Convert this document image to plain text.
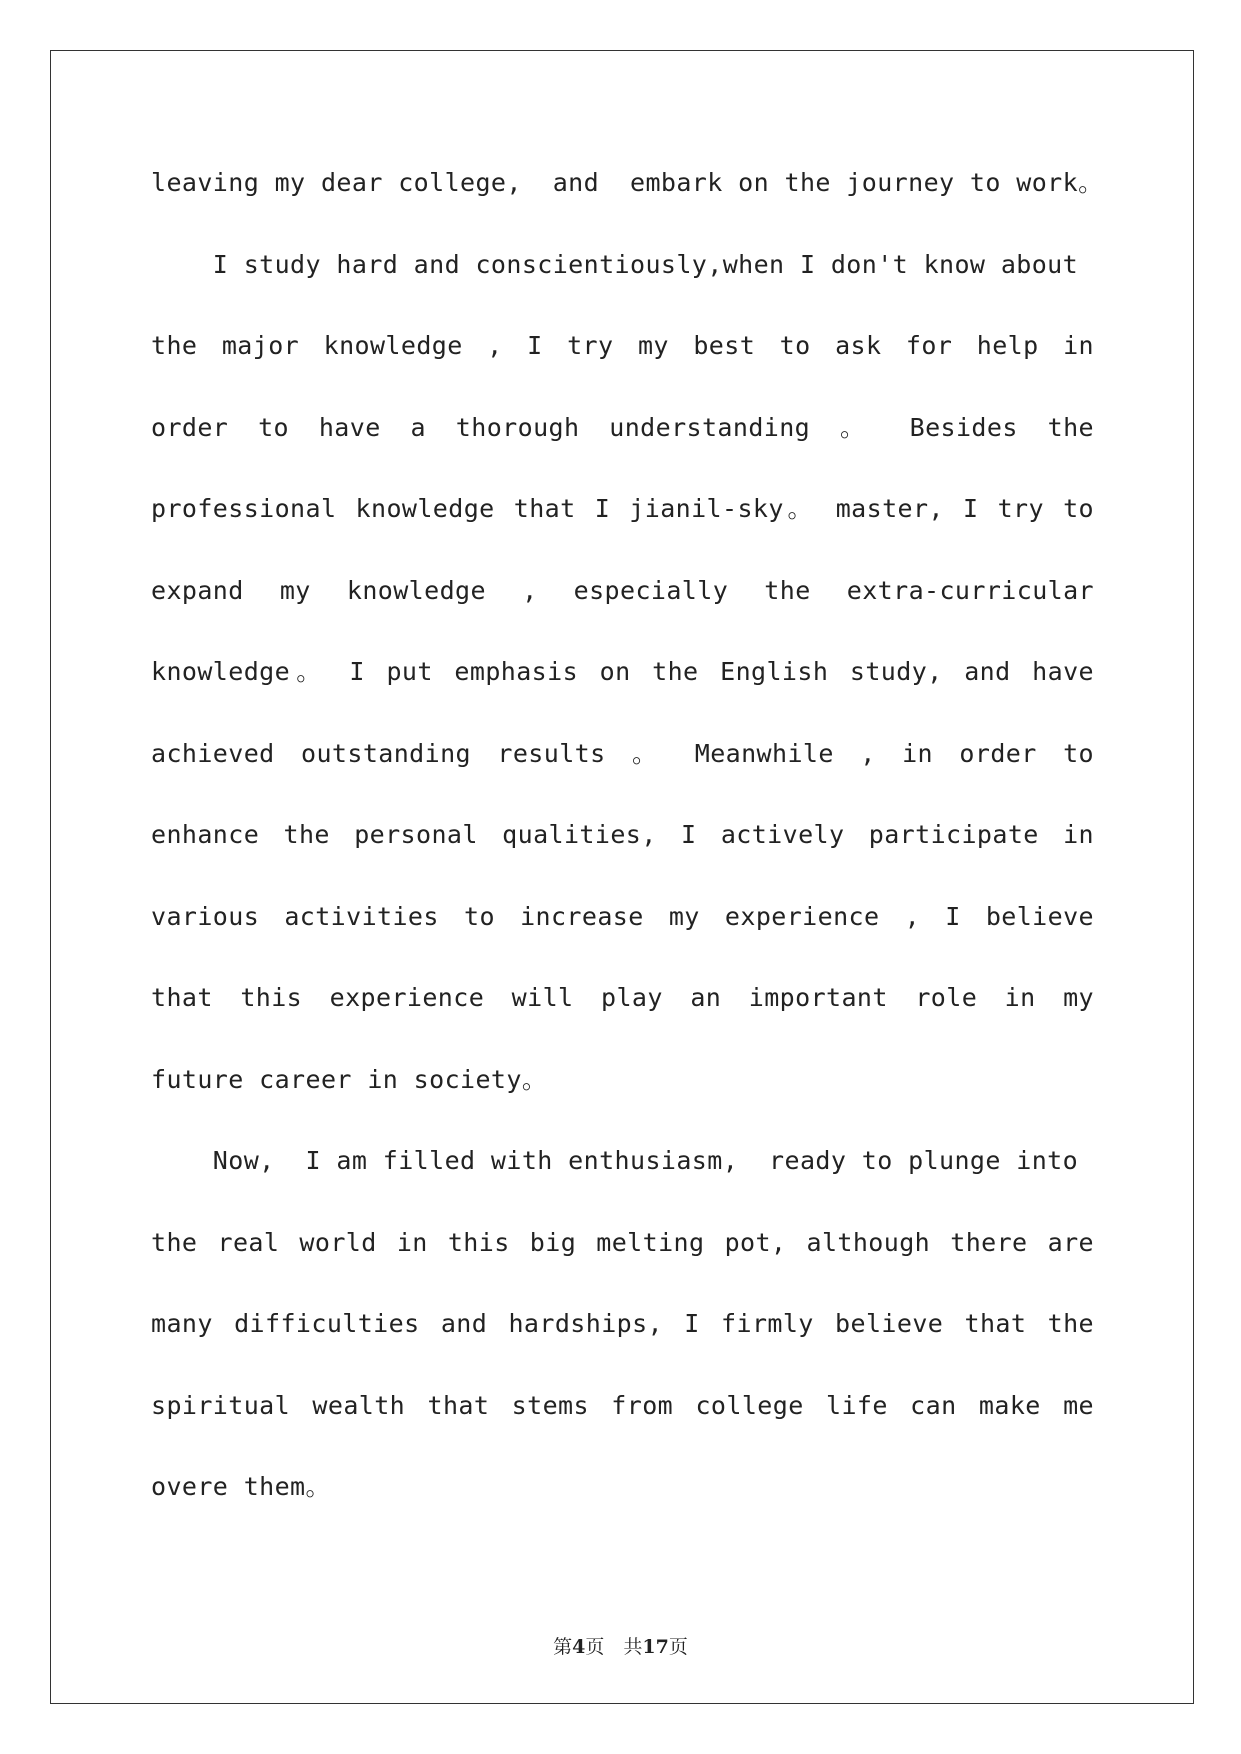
leaving my dear college,  and  embark on the journey to work。
I study hard and conscientiously,when I don't know about
the major knowledge , I try my best to ask for help in
order to have a thorough understanding 。 Besides the
professional knowledge that I jianil-sky。 master, I try to
expand my knowledge , especially the extra-curricular
knowledge。 I put emphasis on the English study, and have
achieved outstanding results 。 Meanwhile , in order to
enhance the personal qualities, I actively participate in
various activities to increase my experience , I believe
that this experience will play an important role in my
future career in society。
Now,  I am filled with enthusiasm,  ready to plunge into
the real world in this big melting pot, although there are
many difficulties and hardships, I firmly believe that the
spiritual wealth that stems from college life can make me
overe them。
第4页　共17页
